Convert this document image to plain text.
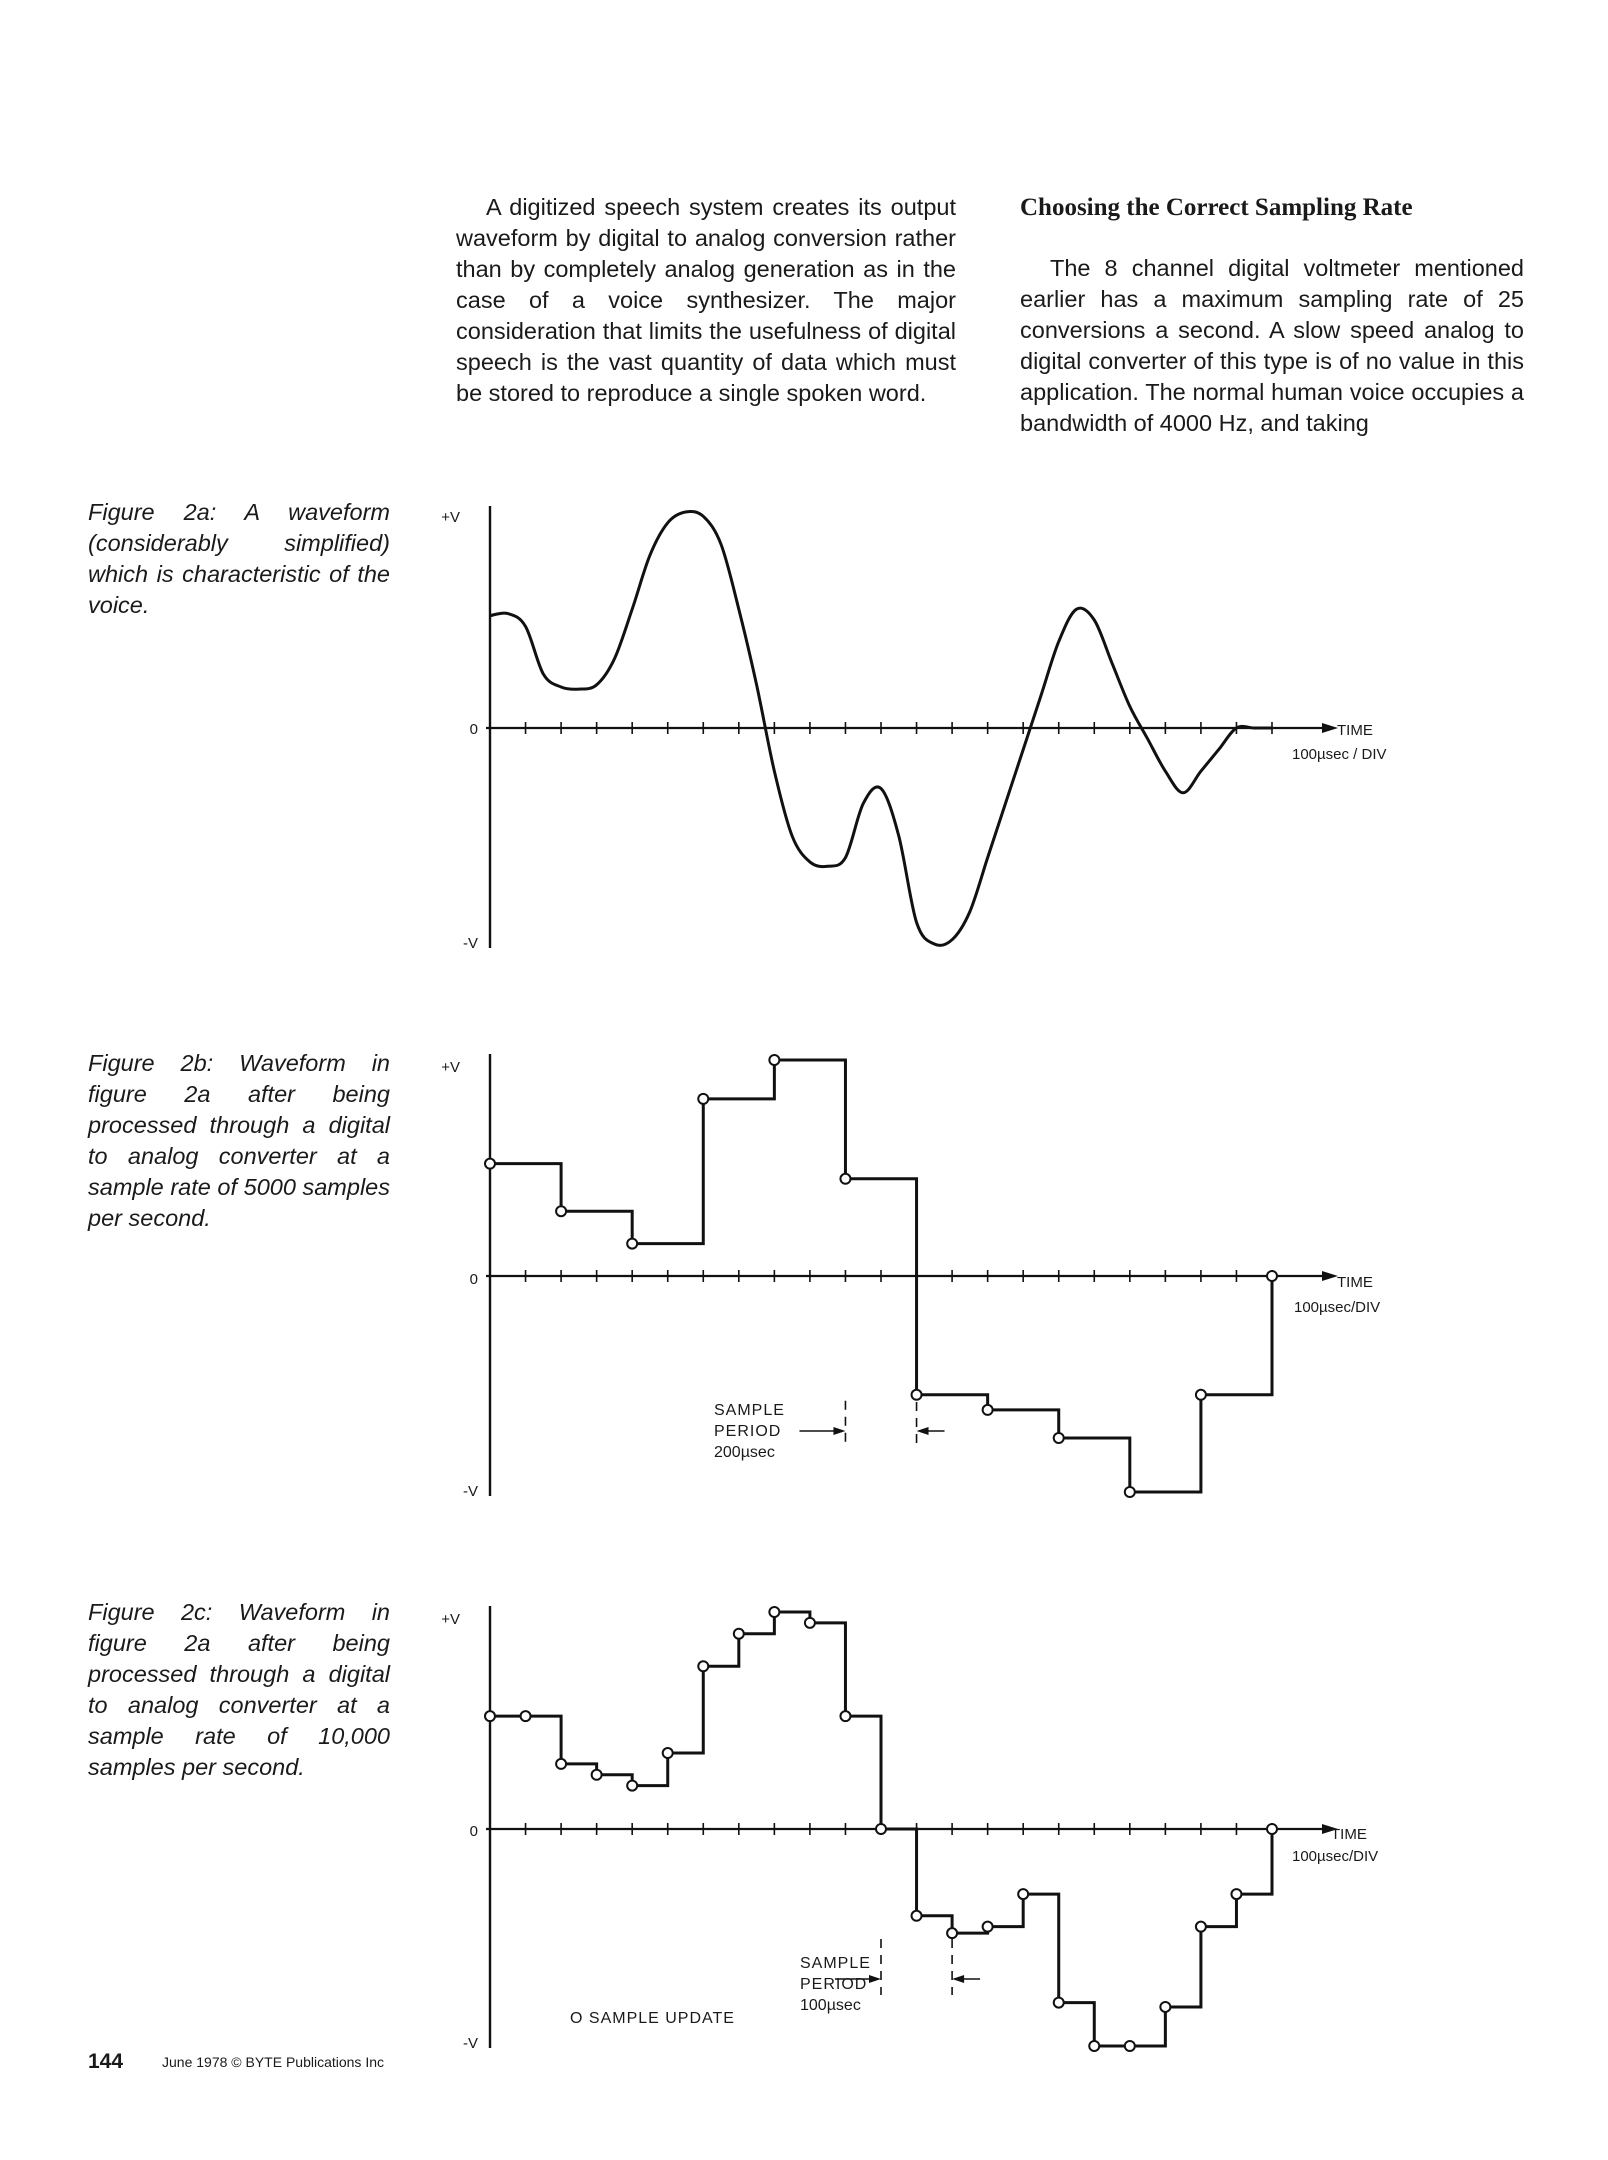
A digitized speech system creates its output waveform by digital to analog conversion rather than by completely analog generation as in the case of a voice synthesizer. The major consideration that limits the usefulness of digital speech is the vast quantity of data which must be stored to reproduce a single spoken word.
Choosing the Correct Sampling Rate
The 8 channel digital voltmeter mentioned earlier has a maximum sampling rate of 25 conversions a second. A slow speed analog to digital converter of this type is of no value in this application. The normal human voice occupies a bandwidth of 4000 Hz, and taking
Figure 2a: A waveform (considerably simplified) which is characteristic of the voice.
Figure 2b: Waveform in figure 2a after being processed through a digital to analog converter at a sample rate of 5000 samples per second.
Figure 2c: Waveform in figure 2a after being processed through a digital to analog converter at a sample rate of 10,000 samples per second.
+V
0
-V
TIME
100µsec / DIV
+V
0
-V
SAMPLE
PERIOD
200µsec
TIME
100µsec/DIV
+V
0
-V
SAMPLE
PERIOD
100µsec
O SAMPLE UPDATE
TIME
100µsec/DIV
144	June 1978 © BYTE Publications Inc
